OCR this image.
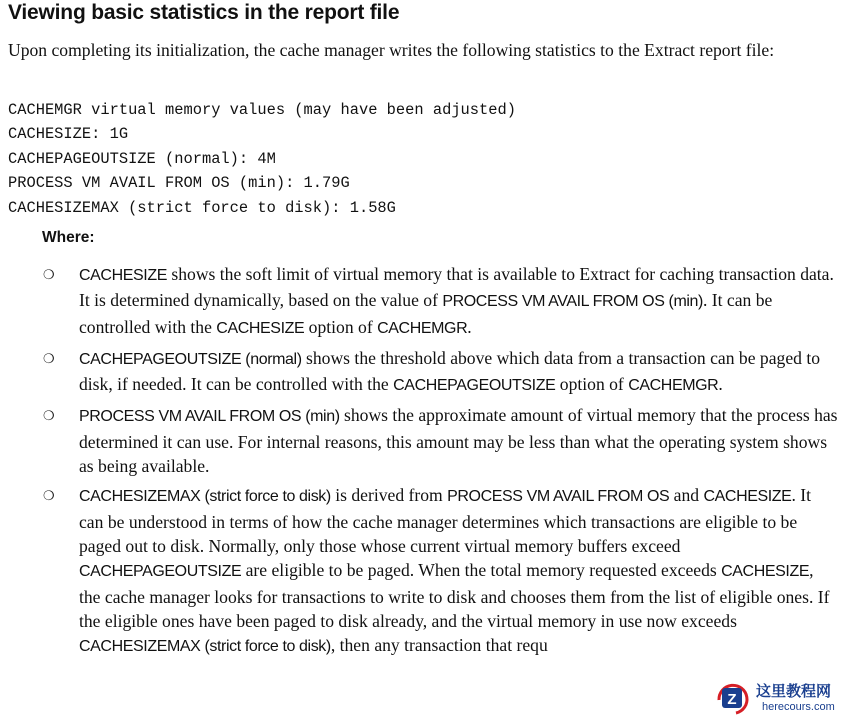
Viewing basic statistics in the report file

Upon completing its initialization, the cache manager writes the following statistics to the Extract report file:

CACHEMGR virtual memory values (may have been adjusted)
CACHESIZE: 1G
CACHEPAGEOUTSIZE (normal): 4M
PROCESS VM AVAIL FROM OS (min): 1.79G
CACHESIZEMAX (strict force to disk): 1.58G

Where:

❍ CACHESIZE shows the soft limit of virtual memory that is available to Extract for caching transaction data. It is determined dynamically, based on the value of PROCESS VM AVAIL FROM OS (min). It can be controlled with the CACHESIZE option of CACHEMGR.
❍ CACHEPAGEOUTSIZE (normal) shows the threshold above which data from a transaction can be paged to disk, if needed. It can be controlled with the CACHEPAGEOUTSIZE option of CACHEMGR.
❍ PROCESS VM AVAIL FROM OS (min) shows the approximate amount of virtual memory that the process has determined it can use. For internal reasons, this amount may be less than what the operating system shows as being available.
❍ CACHESIZEMAX (strict force to disk) is derived from PROCESS VM AVAIL FROM OS and CACHESIZE. It can be understood in terms of how the cache manager determines which transactions are eligible to be paged out to disk. Normally, only those whose current virtual memory buffers exceed CACHEPAGEOUTSIZE are eligible to be paged. When the total memory requested exceeds CACHESIZE, the cache manager looks for transactions to write to disk and chooses them from the list of eligible ones. If the eligible ones have been paged to disk already, and the virtual memory in use now exceeds CACHESIZEMAX (strict force to disk), then any transaction that requ
Z 这里教程网
herecours.com
